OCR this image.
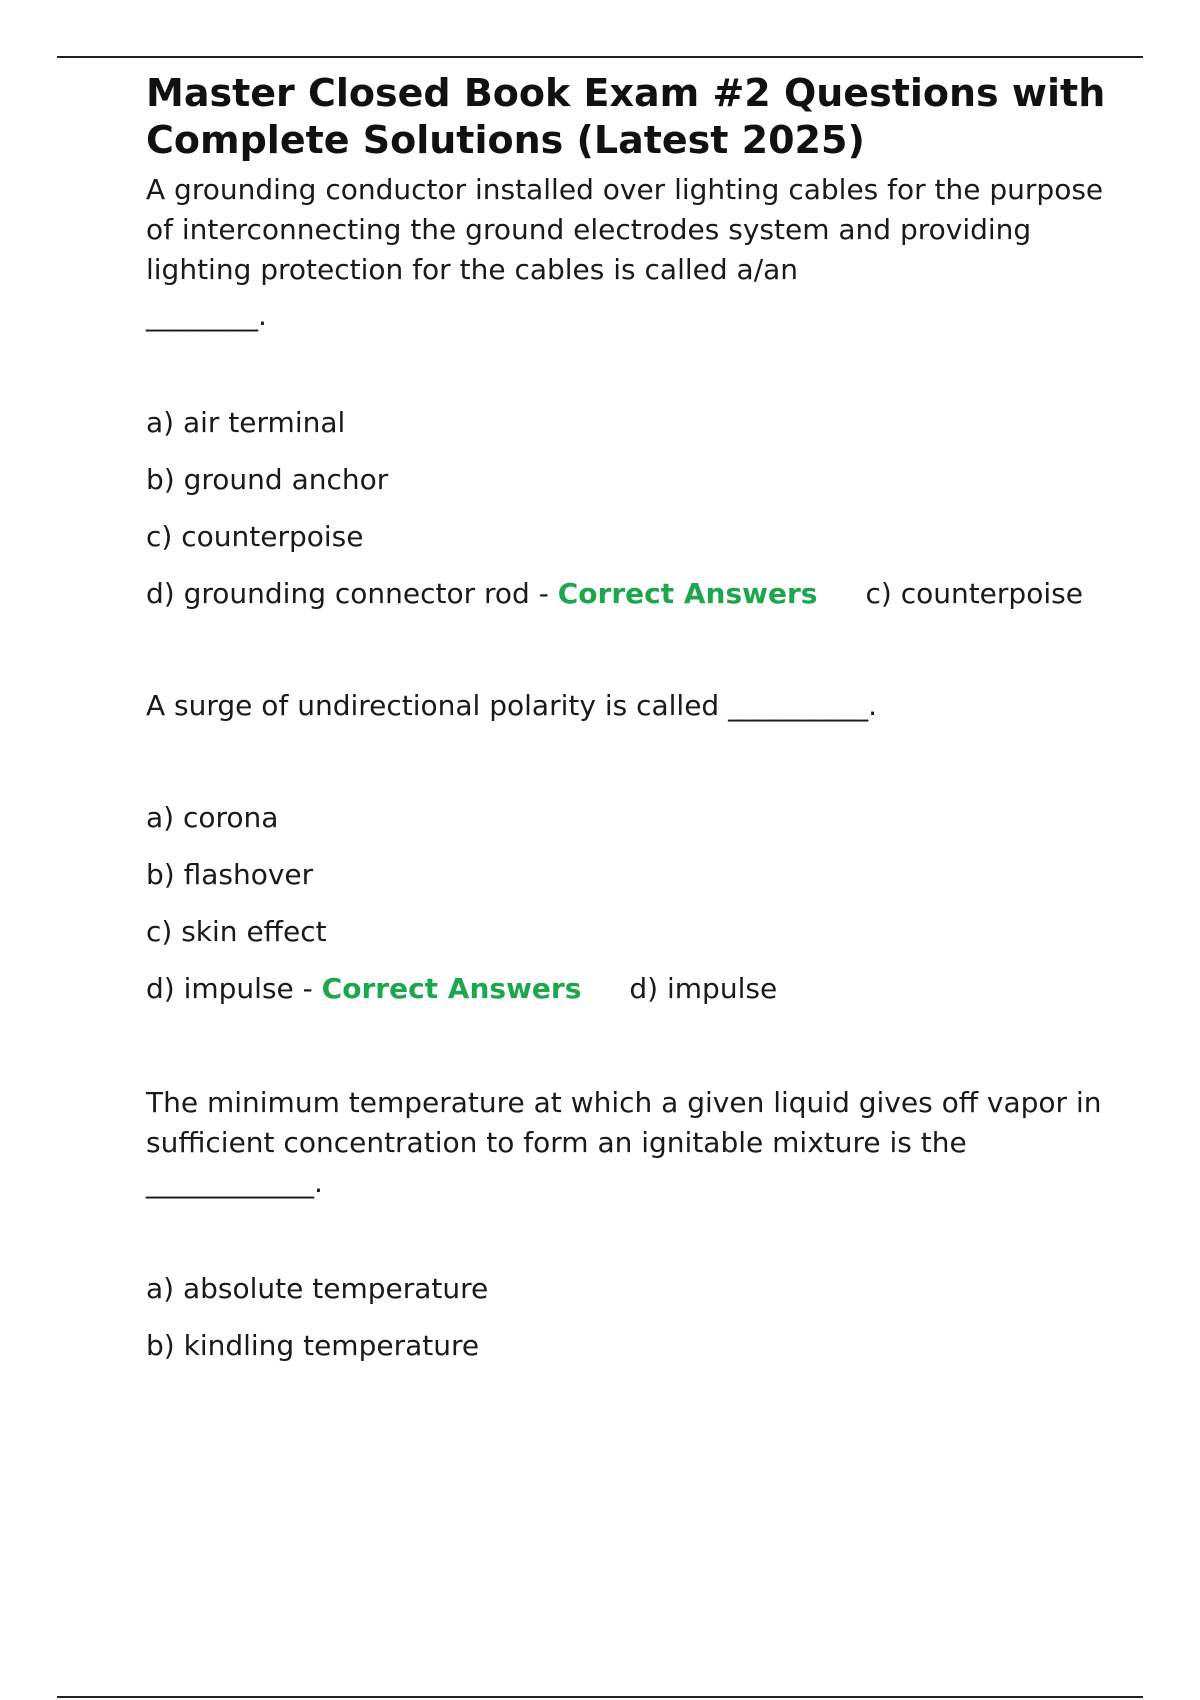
Master Closed Book Exam #2 Questions with Complete Solutions (Latest 2025)

A grounding conductor installed over lighting cables for the purpose of interconnecting the ground electrodes system and providing lighting protection for the cables is called a/an

________.

a) air terminal

b) ground anchor

c) counterpoise

d) grounding connector rod - Correct Answers c) counterpoise

A surge of undirectional polarity is called __________.

a) corona

b) flashover

c) skin effect

d) impulse - Correct Answers d) impulse

The minimum temperature at which a given liquid gives off vapor in sufficient concentration to form an ignitable mixture is the ____________.

a) absolute temperature

b) kindling temperature
